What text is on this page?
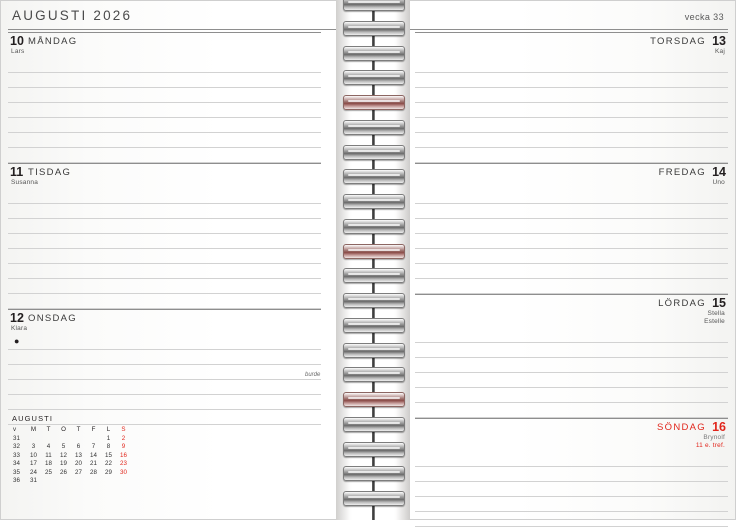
AUGUSTI 2026	vecka 33
10 MÅNDAG
Lars
11 TISDAG
Susanna
12 ONSDAG
Klara
●
13
TORSDAG
Kaj
14
FREDAG
Uno
15
LÖRDAG
Stella
Estelle
16
SÖNDAG
Brynolf
11 e. tref.
burde
AUGUSTI
v	M	T	O	T	F	L	S
31						1	2
32	3	4	5	6	7	8	9
33	10	11	12	13	14	15	16
34	17	18	19	20	21	22	23
35	24	25	26	27	28	29	30
36	31						
